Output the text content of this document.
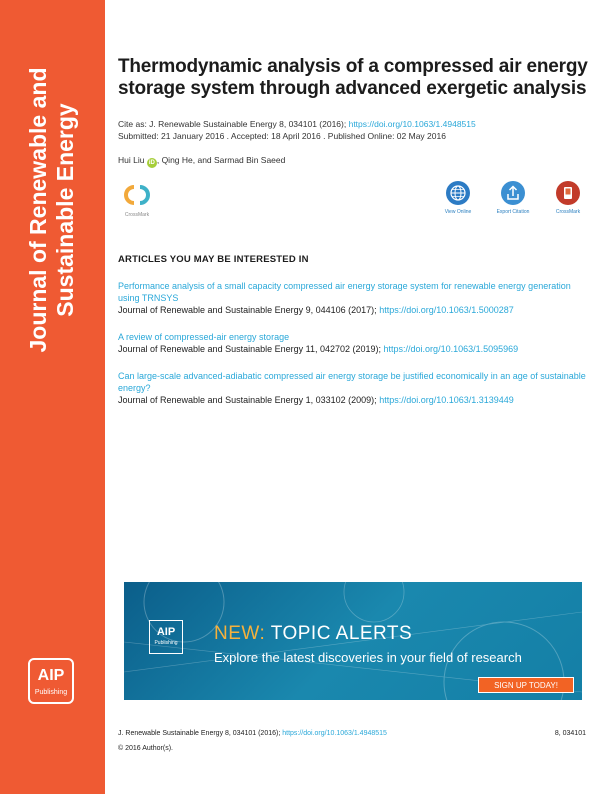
Journal of Renewable and Sustainable Energy
AIP
Publishing
Thermodynamic analysis of a compressed air energy storage system through advanced exergetic analysis
Cite as: J. Renewable Sustainable Energy 8, 034101 (2016); https://doi.org/10.1063/1.4948515
Submitted: 21 January 2016 . Accepted: 18 April 2016 . Published Online: 02 May 2016
Hui Liu iD , Qing He, and Sarmad Bin Saeed
CrossMark	View Online	Export Citation	CrossMark
ARTICLES YOU MAY BE INTERESTED IN
Performance analysis of a small capacity compressed air energy storage system for renewable energy generation using TRNSYS
Journal of Renewable and Sustainable Energy 9, 044106 (2017); https://doi.org/10.1063/1.5000287
A review of compressed-air energy storage
Journal of Renewable and Sustainable Energy 11, 042702 (2019); https://doi.org/10.1063/1.5095969
Can large-scale advanced-adiabatic compressed air energy storage be justified economically in an age of sustainable energy?
Journal of Renewable and Sustainable Energy 1, 033102 (2009); https://doi.org/10.1063/1.3139449
AIP
Publishing NEW: TOPIC ALERTS
Explore the latest discoveries in your field of research
SIGN UP TODAY!
J. Renewable Sustainable Energy 8, 034101 (2016); https://doi.org/10.1063/1.4948515	8, 034101
© 2016 Author(s).
